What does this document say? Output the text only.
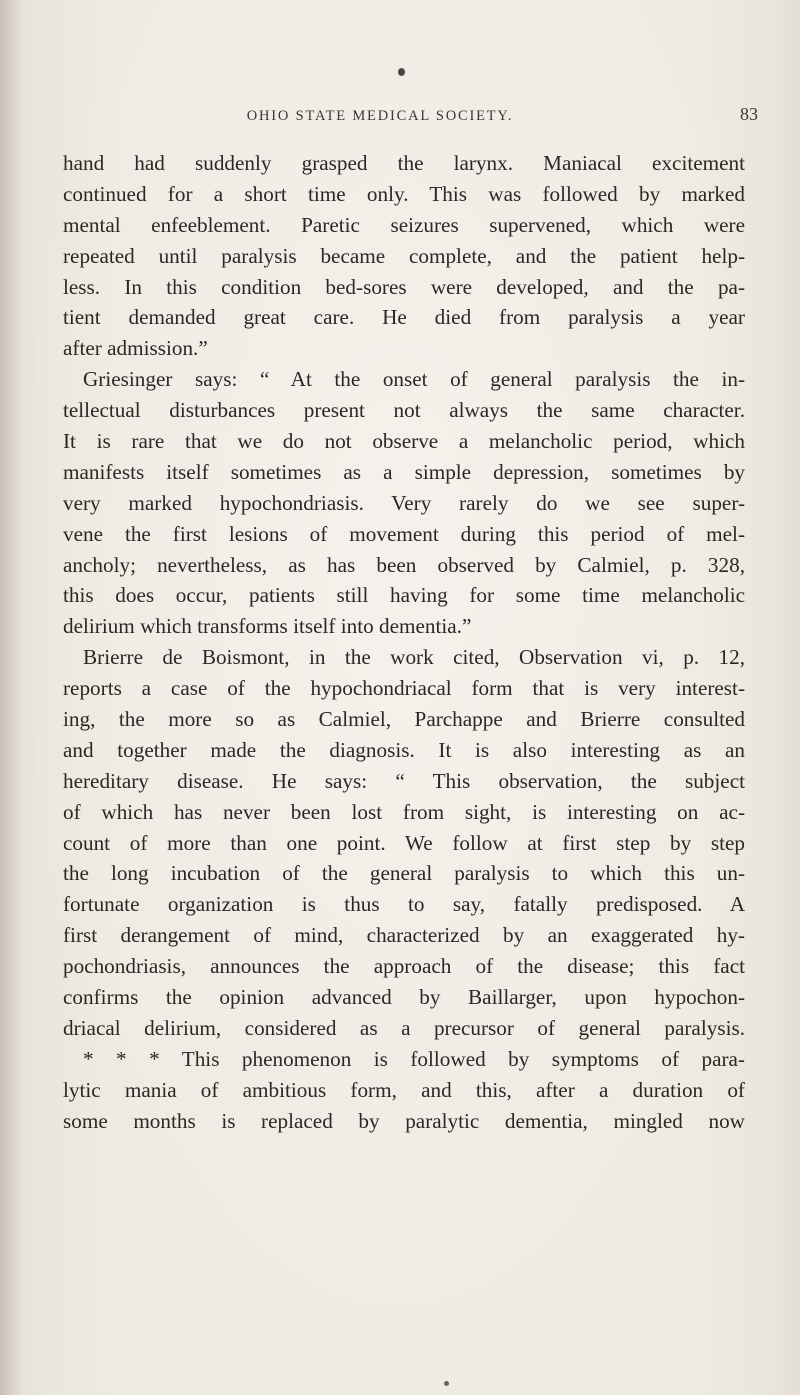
OHIO STATE MEDICAL SOCIETY.	83
hand had suddenly grasped the larynx. Maniacal excitement
continued for a short time only. This was followed by marked
mental enfeeblement. Paretic seizures supervened, which were
repeated until paralysis became complete, and the patient help-
less. In this condition bed-sores were developed, and the pa-
tient demanded great care. He died from paralysis a year
after admission.”
Griesinger says: “ At the onset of general paralysis the in-
tellectual disturbances present not always the same character.
It is rare that we do not observe a melancholic period, which
manifests itself sometimes as a simple depression, sometimes by
very marked hypochondriasis. Very rarely do we see super-
vene the first lesions of movement during this period of mel-
ancholy; nevertheless, as has been observed by Calmiel, p. 328,
this does occur, patients still having for some time melancholic
delirium which transforms itself into dementia.”
Brierre de Boismont, in the work cited, Observation vi, p. 12,
reports a case of the hypochondriacal form that is very interest-
ing, the more so as Calmiel, Parchappe and Brierre consulted
and together made the diagnosis. It is also interesting as an
hereditary disease. He says: “ This observation, the subject
of which has never been lost from sight, is interesting on ac-
count of more than one point. We follow at first step by step
the long incubation of the general paralysis to which this un-
fortunate organization is thus to say, fatally predisposed. A
first derangement of mind, characterized by an exaggerated hy-
pochondriasis, announces the approach of the disease; this fact
confirms the opinion advanced by Baillarger, upon hypochon-
driacal delirium, considered as a precursor of general paralysis.
* * * This phenomenon is followed by symptoms of para-
lytic mania of ambitious form, and this, after a duration of
some months is replaced by paralytic dementia, mingled now
